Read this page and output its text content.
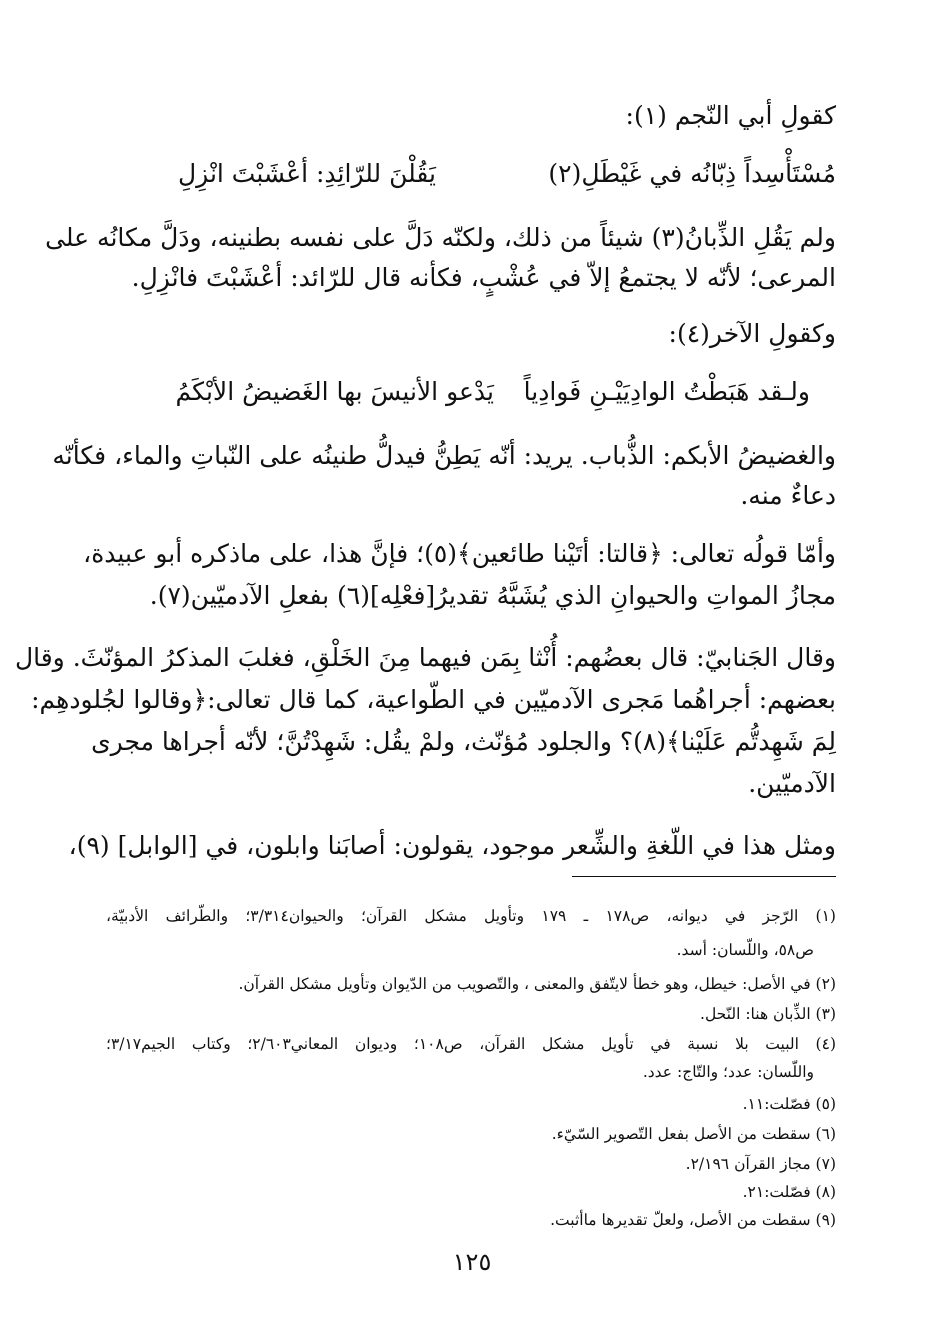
كقولِ أبي النّجم (١):
مُسْتَأْسِداً ذِبّانُه في غَيْطَلِ(٢)
يَقُلْنَ للرّائِدِ: أعْشَبْتَ انْزِلِ
ولم يَقُلِ الذِّبانُ(٣) شيئاً من ذلك، ولكنّه دَلَّ على نفسه بطنينه، ودَلَّ مكانُه على
المرعى؛ لأنّه لا يجتمعُ إلاّ في عُشْبٍ، فكأنه قال للرّائد: أعْشَبْتَ فانْزِلِ.
وكقولِ الآخر(٤):
ولـقد هَبَطْتُ الوادِيَيْـنِ فَوادِياً
يَدْعو الأنيسَ بها الغَضيضُ الأبْكَمُ
والغضيضُ الأبكم: الذُّباب. يريد: أنّه يَطِنُّ فيدلُّ طنينُه على النّباتِ والماء، فكأنّه
دعاءٌ منه.
وأمّا قولُه تعالى: ﴿قالتا: أتَيْنا طائعين﴾(٥)؛ فإنَّ هذا، على ماذكره أبو عبيدة،
مجازُ المواتِ والحيوانِ الذي يُشَبَّهُ تقديرُ[فعْلِه](٦) بفعلِ الآدميّين(٧).
وقال الجَنابيّ: قال بعضُهم: أُنْثا بِمَن فيهما مِنَ الخَلْقِ، فغلبَ المذكرُ المؤنّثَ. وقال
بعضهم: أجراهُما مَجرى الآدميّين في الطّواعية، كما قال تعالى:﴿وقالوا لجُلودهِم:
لِمَ شَهِدتُّم عَلَيْنا﴾(٨)؟ والجلود مُؤنّث، ولمْ يقُل: شَهِدْتُنَّ؛ لأنّه أجراها مجرى
الآدميّين.
ومثل هذا في اللّغةِ والشِّعر موجود، يقولون: أصابَنا وابلون، في [الوابل] (٩)،
(١) الرّجز في ديوانه، ص١٧٨ ـ ١٧٩ وتأويل مشكل القرآن؛ والحيوان٣/٣١٤؛ والطّرائف الأدبيّة،
ص٥٨، واللّسان: أسد.
(٢) في الأصل: خيطل، وهو خطأ لايتّفق والمعنى ، والتّصويب من الدّيوان وتأويل مشكل القرآن.
(٣) الذِّبان هنا: النّحل.
(٤) البيت بلا نسبة في تأويل مشكل القرآن، ص١٠٨؛ وديوان المعاني٢/٦٠٣؛ وكتاب الجيم٣/١٧؛
واللّسان: عدد؛ والتّاج: عدد.
(٥) فصّلت:١١.
(٦) سقطت من الأصل بفعل التّصوير السّيّء.
(٧) مجاز القرآن ٢/١٩٦.
(٨) فصّلت:٢١.
(٩) سقطت من الأصل، ولعلّ تقديرها ماأثبت.
١٢٥
